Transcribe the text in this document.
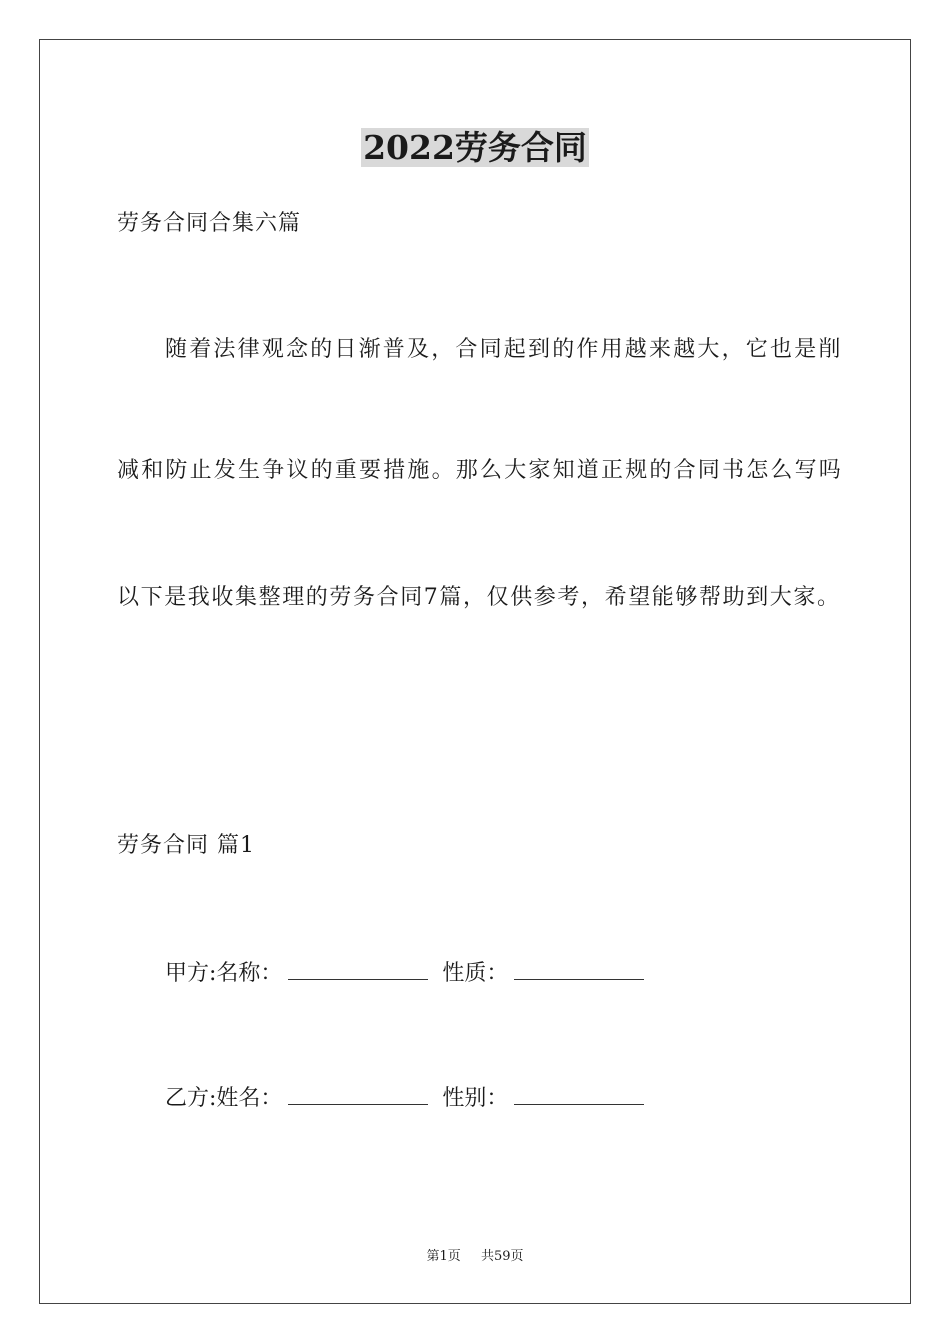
2022劳务合同
劳务合同合集六篇
随着法律观念的日渐普及，合同起到的作用越来越大，它也是削
减和防止发生争议的重要措施。那么大家知道正规的合同书怎么写吗
以下是我收集整理的劳务合同7篇，仅供参考，希望能够帮助到大家。
劳务合同 篇1
甲方:名称：	性质：
乙方:姓名：	性别：
第1页 共59页
